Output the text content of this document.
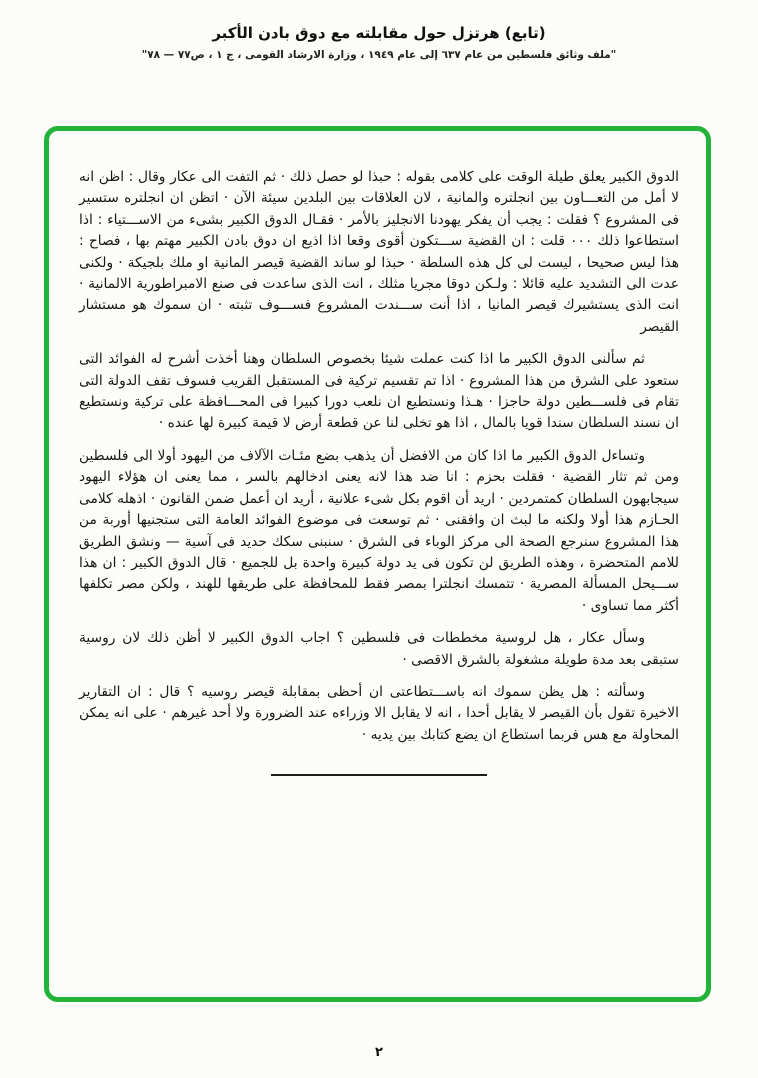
(تابع) هرتزل حول مقابلته مع دوق بادن الأكبر
"ملف وثائق فلسطين من عام ٦٣٧ إلى عام ١٩٤٩ ، وزارة الارشاد القومى ، ج ١ ، ص٧٧ — ٧٨"

الدوق الكبير يعلق طيلة الوقت على كلامى بقوله : حبذا لو حصل ذلك · ثم التفت الى عكار وقال : اظن انه لا أمل من التعـــاون بين انجلتره والمانية ، لان العلاقات بين البلدين سيئة الآن · اتظن ان انجلتره ستسير فى المشروع ؟ فقلت : يجب أن يفكر يهودنا الانجليز بالأمر · فقـال الدوق الكبير بشىء من الاســـتياء : اذا استطاعوا ذلك ٠٠٠ قلت : ان القضية ســـتكون أقوى وقعا اذا اذيع ان دوق بادن الكبير مهتم بها ، فصاح : هذا ليس صحيحا ، ليست لى كل هذه السلطة · حبذا لو ساند القضية قيصر المانية او ملك بلجيكة · ولكنى عدت الى التشديد عليه قائلا : ولـكن دوقا مجريا مثلك ، انت الذى ساعدت فى صنع الامبراطورية الالمانية · انت الذى يستشيرك قيصر المانيا ، اذا أنت ســـندت المشروع فســـوف تثبته · ان سموك هو مستشار القيصر

ثم سألنى الدوق الكبير ما اذا كنت عملت شيئا بخصوص السلطان وهنا أخذت أشرح له الفوائد التى ستعود على الشرق من هذا المشروع · اذا تم تقسيم تركية فى المستقبل القريب فسوف تقف الدولة التى تقام فى فلســـطين دولة حاجزا · هـذا ونستطيع ان نلعب دورا كبيرا فى المحـــافظة على تركية ونستطيع ان نسند السلطان سندا قويا بالمال ، اذا هو تخلى لنا عن قطعة أرض لا قيمة كبيرة لها عنده ·

وتساءل الدوق الكبير ما اذا كان من الافضل أن يذهب بضع مئـات الآلاف من اليهود أولا الى فلسطين ومن ثم تثار القضية · فقلت بحزم : انا ضد هذا لانه يعنى ادخالهم بالسر ، مما يعنى ان هؤلاء اليهود سيجابهون السلطان كمتمردين · اريد أن اقوم بكل شىء علانية ، أريد ان أعمل ضمن القانون · اذهله كلامى الحـازم هذا أولا ولكنه ما لبث ان وافقنى · ثم توسعت فى موضوع الفوائد العامة التى ستجنيها أوربة من هذا المشروع سنرجع الصحة الى مركز الوباء فى الشرق · سنبنى سكك حديد فى آسية — ونشق الطريق للامم المتحضرة ، وهذه الطريق لن تكون فى يد دولة كبيرة واحدة بل للجميع · قال الدوق الكبير : ان هذا ســـيحل المسألة المصرية · تتمسك انجلترا بمصر فقط للمحافظة على طريقها للهند ، ولكن مصر تكلفها أكثر مما تساوى ·

وسأل عكار ، هل لروسية مخططات فى فلسطين ؟ اجاب الدوق الكبير لا أظن ذلك لان روسية ستبقى بعد مدة طويلة مشغولة بالشرق الاقصى ·

وسألته : هل يظن سموك انه باســـتطاعتى ان أحظى بمقابلة قيصر روسيه ؟ قال : ان التقارير الاخيرة تقول بأن القيصر لا يقابل أحدا ، انه لا يقابل الا وزراءه عند الضرورة ولا أحد غيرهم · على انه يمكن المحاولة مع هس فربما استطاع ان يضع كتابك بين يديه ·

٢
